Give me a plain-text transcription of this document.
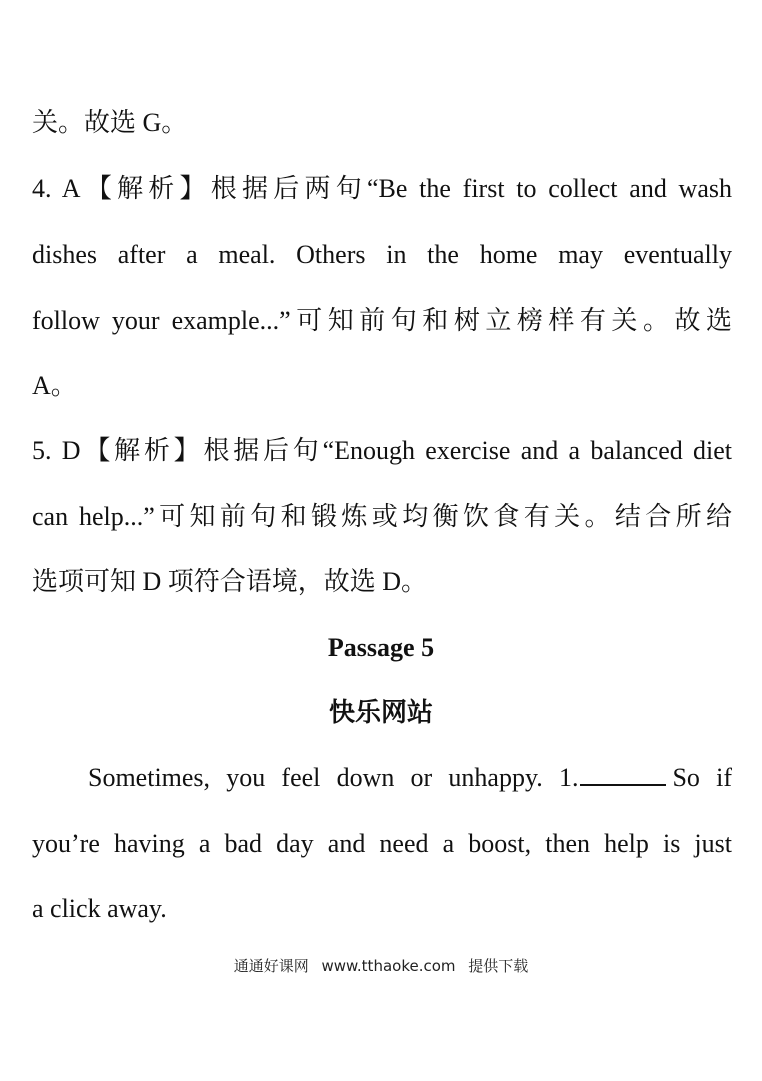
关。故选 G。
4. A【解析】根据后两句“Be the first to collect and wash
dishes after a meal. Others in the home may eventually
follow your example...”可知前句和树立榜样有关。故选
A。
5. D【解析】根据后句“Enough exercise and a balanced diet
can help...”可知前句和锻炼或均衡饮食有关。结合所给
选项可知 D 项符合语境，故选 D。
Passage 5
快乐网站
Sometimes, you feel down or unhappy. 1.	So if
you’re having a bad day and need a boost, then help is just
a click away.
通通好课网 www.tthaoke.com 提供下载
